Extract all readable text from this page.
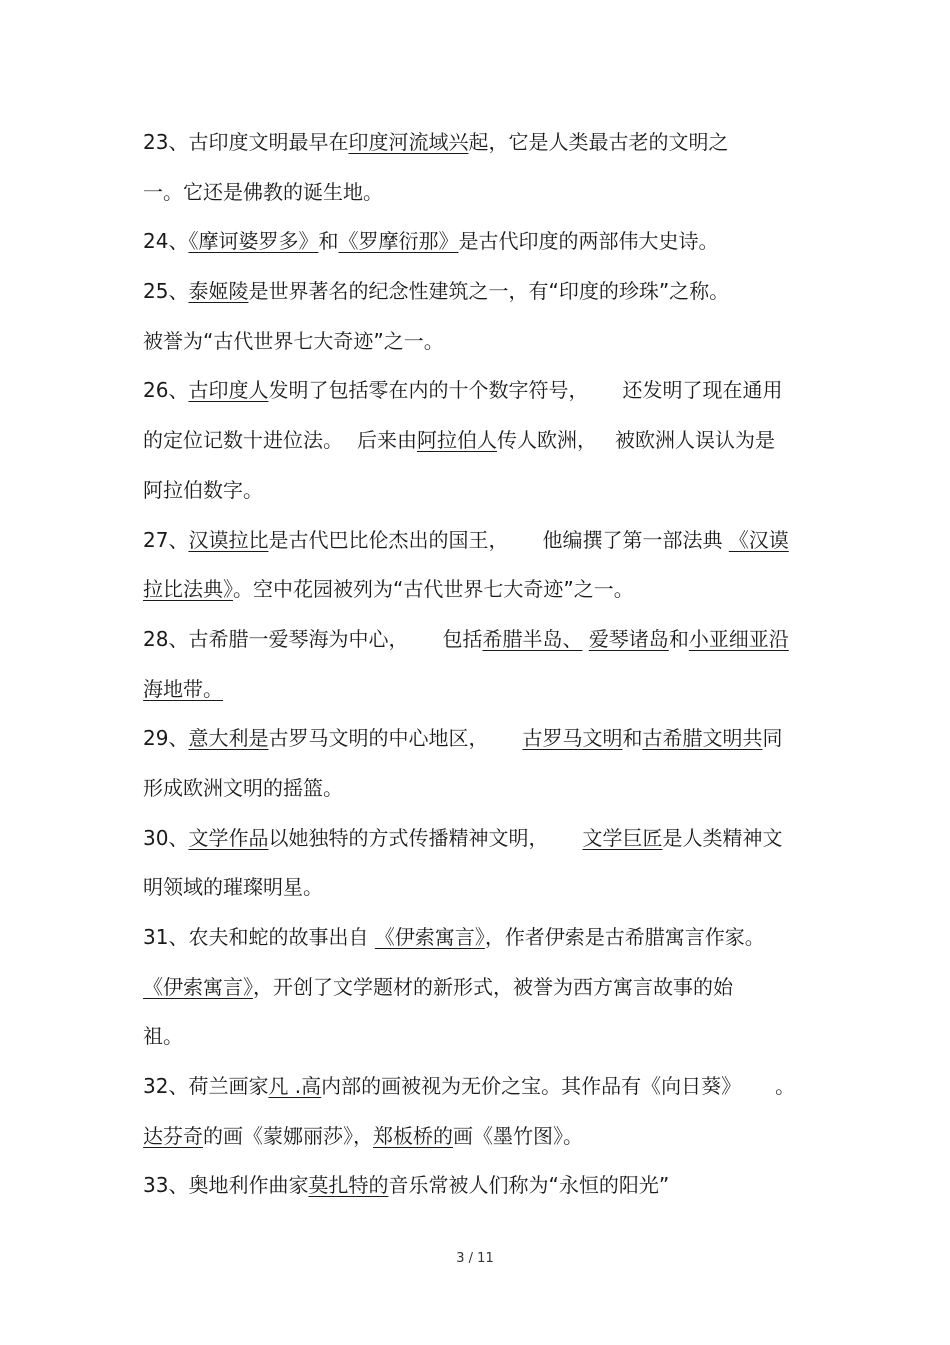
23、古印度文明最早在印度河流域兴起，它是人类最古老的文明之
一。它还是佛教的诞生地。
24、《摩诃婆罗多》和《罗摩衍那》是古代印度的两部伟大史诗。
25、泰姬陵是世界著名的纪念性建筑之一，有“印度的珍珠”之称。
被誉为“古代世界七大奇迹”之一。
26、古印度人发明了包括零在内的十个数字符号， 还发明了现在通用
的定位记数十进位法。 后来由阿拉伯人传人欧洲， 被欧洲人误认为是
阿拉伯数字。
27、汉谟拉比是古代巴比伦杰出的国王， 他编撰了第一部法典 《汉谟
拉比法典》。空中花园被列为“古代世界七大奇迹”之一。
28、古希腊一爱琴海为中心， 包括希腊半岛、 爱琴诸岛和小亚细亚沿
海地带。
29、意大利是古罗马文明的中心地区， 古罗马文明和古希腊文明共同
形成欧洲文明的摇篮。
30、文学作品以她独特的方式传播精神文明， 文学巨匠是人类精神文
明领域的璀璨明星。
31、农夫和蛇的故事出自 《伊索寓言》，作者伊索是古希腊寓言作家。
《伊索寓言》，开创了文学题材的新形式，被誉为西方寓言故事的始
祖。
32、荷兰画家凡 .高内部的画被视为无价之宝。其作品有《向日葵》 。
达芬奇的画《蒙娜丽莎》，郑板桥的画《墨竹图》。
33、奥地利作曲家莫扎特的音乐常被人们称为“永恒的阳光”
3 / 11
